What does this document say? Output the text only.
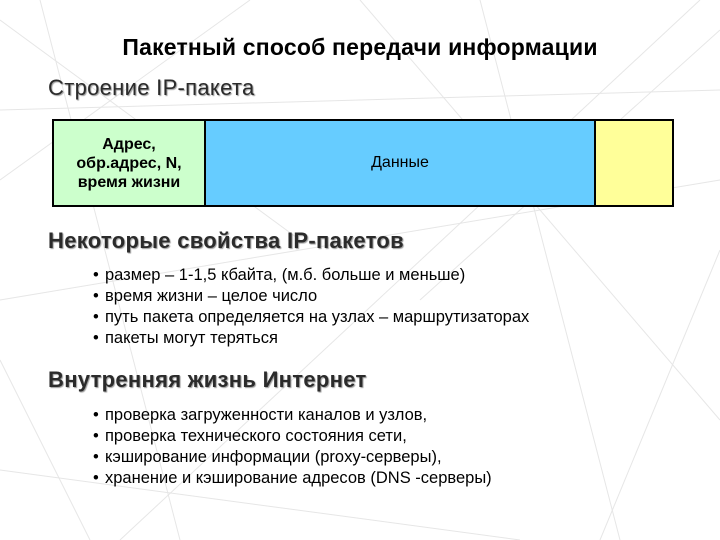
Пакетный способ передачи информации
Строение IP-пакета
Адрес,
обр.адрес, N,
время жизни
Данные
Некоторые свойства IP-пакетов
• размер – 1-1,5 кбайта, (м.б. больше и меньше)
• время жизни – целое число
• путь пакета определяется на узлах – маршрутизаторах
• пакеты могут теряться
Внутренняя жизнь Интернет
• проверка загруженности каналов и узлов,
• проверка технического состояния сети,
• кэширование информации (proxy-серверы),
• хранение и кэширование адресов (DNS -серверы)
